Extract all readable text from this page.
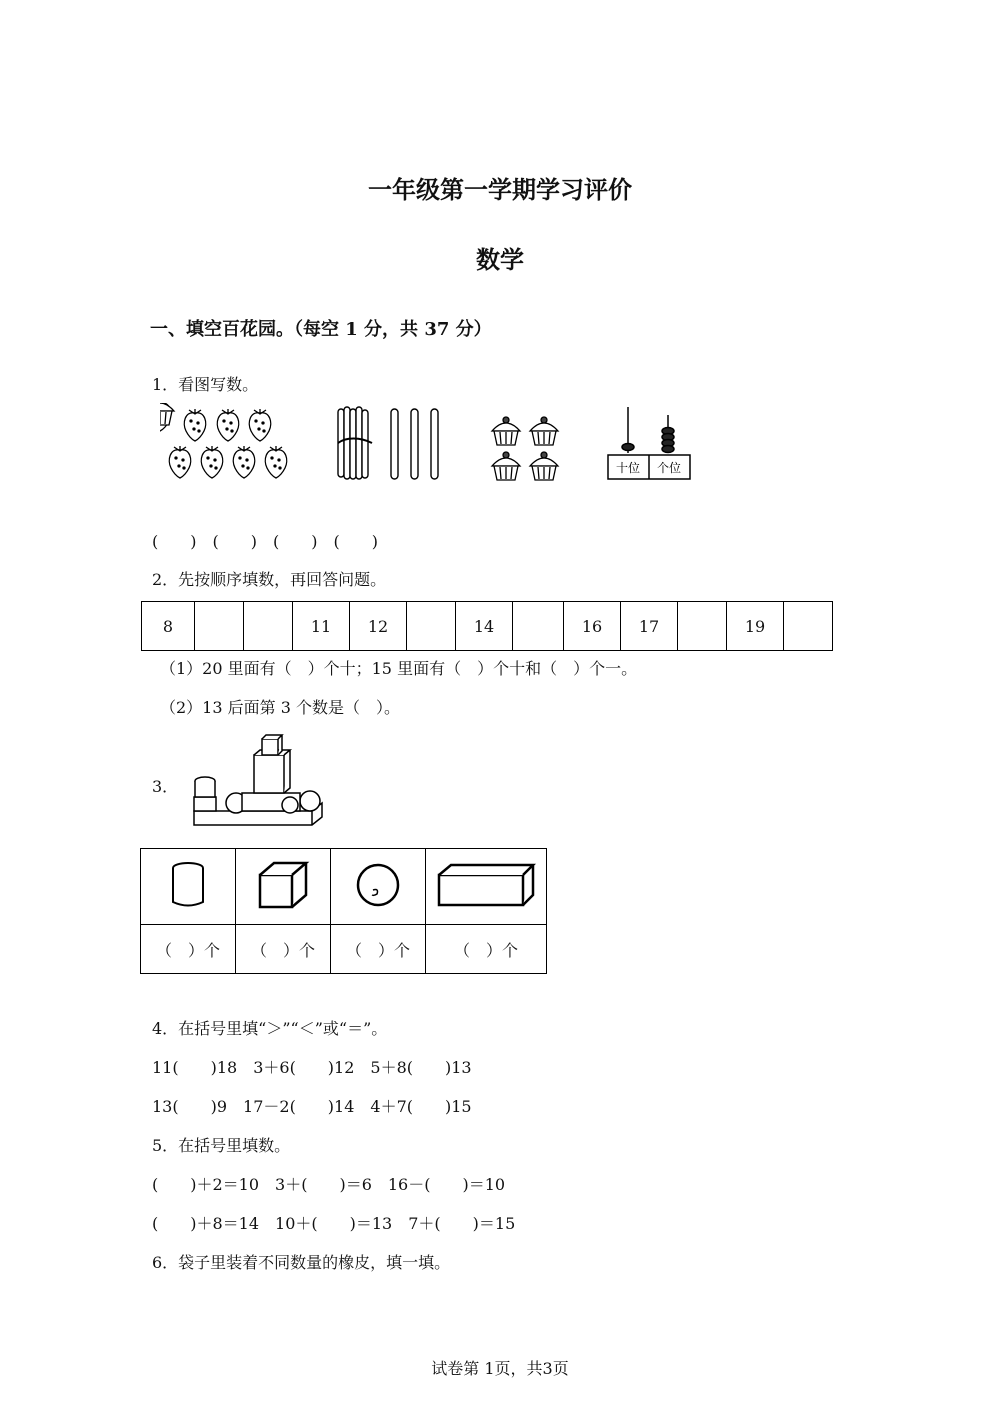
一年级第一学期学习评价
数学
一、填空百花园。（每空 1 分，共 37 分）
1．看图写数。
十位 个位
(　　)　(　　)　(　　)　(　　)
2．先按顺序填数，再回答问题。
8			11	12		14		16	17		19	
（1）20 里面有（　）个十；15 里面有（　）个十和（　）个一。
（2）13 后面第 3 个数是（　）。
3．

（　）个	（　）个	（　）个	（　）个
4．在括号里填“＞”“＜”或“＝”。
11(　　)18　3＋6(　　)12　5＋8(　　)13
13(　　)9　17－2(　　)14　4＋7(　　)15
5．在括号里填数。
(　　)＋2＝10　3＋(　　)＝6　16－(　　)＝10
(　　)＋8＝14　10＋(　　)＝13　7＋(　　)＝15
6．袋子里装着不同数量的橡皮，填一填。
试卷第 1页，共3页
